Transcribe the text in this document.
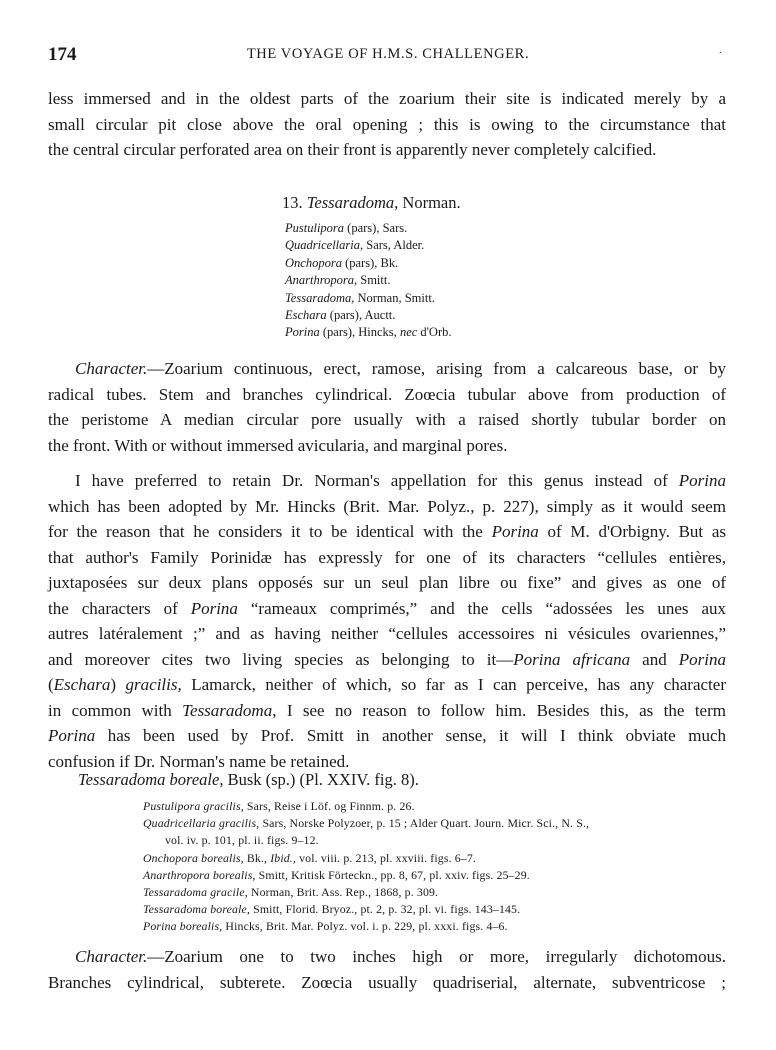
174	THE VOYAGE OF H.M.S. CHALLENGER.	·

less immersed and in the oldest parts of the zoarium their site is indicated merely by a
small circular pit close above the oral opening ; this is owing to the circumstance that
the central circular perforated area on their front is apparently never completely calcified.

13. Tessaradoma, Norman.
Pustulipora (pars), Sars.
Quadricellaria, Sars, Alder.
Onchopora (pars), Bk.
Anarthropora, Smitt.
Tessaradoma, Norman, Smitt.
Eschara (pars), Auctt.
Porina (pars), Hincks, nec d'Orb.

Character.—Zoarium continuous, erect, ramose, arising from a calcareous base, or by
radical tubes. Stem and branches cylindrical. Zoœcia tubular above from production of
the peristome A median circular pore usually with a raised shortly tubular border on
the front. With or without immersed avicularia, and marginal pores.

I have preferred to retain Dr. Norman's appellation for this genus instead of Porina
which has been adopted by Mr. Hincks (Brit. Mar. Polyz., p. 227), simply as it would seem
for the reason that he considers it to be identical with the Porina of M. d'Orbigny. But as
that author's Family Porinidæ has expressly for one of its characters “cellules entières,
juxtaposées sur deux plans opposés sur un seul plan libre ou fixe” and gives as one of
the characters of Porina “rameaux comprimés,” and the cells “adossées les unes aux
autres latéralement ;” and as having neither “cellules accessoires ni vésicules ovariennes,”
and moreover cites two living species as belonging to it—Porina africana and Porina
(Eschara) gracilis, Lamarck, neither of which, so far as I can perceive, has any character
in common with Tessaradoma, I see no reason to follow him. Besides this, as the term
Porina has been used by Prof. Smitt in another sense, it will I think obviate much
confusion if Dr. Norman's name be retained.

Tessaradoma boreale, Busk (sp.) (Pl. XXIV. fig. 8).
Pustulipora gracilis, Sars, Reise i Löf. og Finnm. p. 26.
Quadricellaria gracilis, Sars, Norske Polyzoer, p. 15 ; Alder Quart. Journ. Micr. Sci., N. S.,
vol. iv. p. 101, pl. ii. figs. 9–12.
Onchopora borealis, Bk., Ibid., vol. viii. p. 213, pl. xxviii. figs. 6–7.
Anarthropora borealis, Smitt, Kritisk Förteckn., pp. 8, 67, pl. xxiv. figs. 25–29.
Tessaradoma gracile, Norman, Brit. Ass. Rep., 1868, p. 309.
Tessaradoma boreale, Smitt, Florid. Bryoz., pt. 2, p. 32, pl. vi. figs. 143–145.
Porina borealis, Hincks, Brit. Mar. Polyz. vol. i. p. 229, pl. xxxi. figs. 4–6.

Character.—Zoarium one to two inches high or more, irregularly dichotomous.
Branches cylindrical, subterete. Zoœcia usually quadriserial, alternate, subventricose ;
